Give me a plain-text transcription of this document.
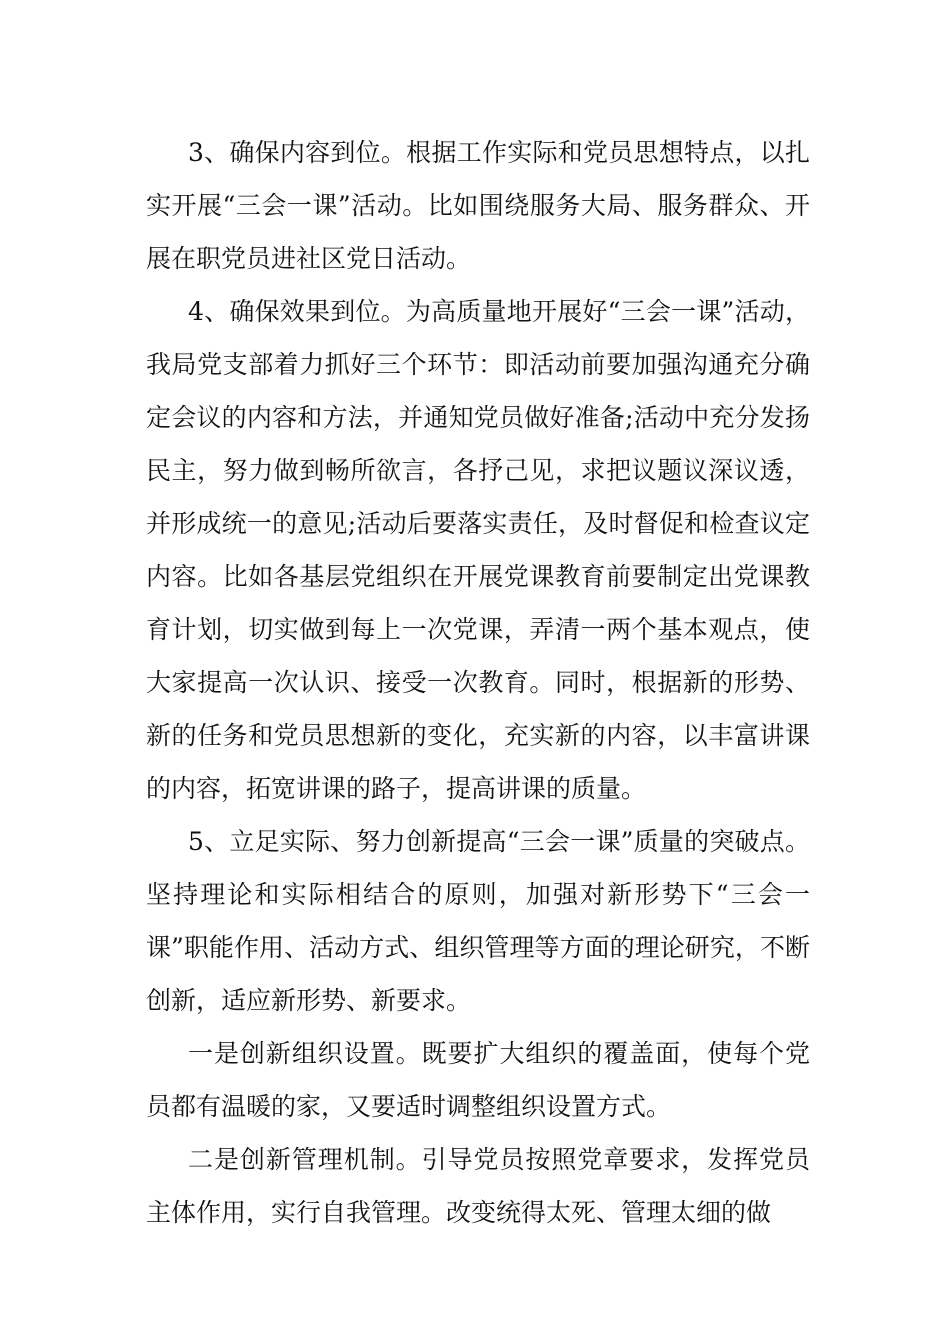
3、确保内容到位。根据工作实际和党员思想特点，以扎实开展“三会一课”活动。比如围绕服务大局、服务群众、开展在职党员进社区党日活动。

4、确保效果到位。为高质量地开展好“三会一课”活动，我局党支部着力抓好三个环节：即活动前要加强沟通充分确定会议的内容和方法，并通知党员做好准备;活动中充分发扬民主，努力做到畅所欲言，各抒己见，求把议题议深议透，并形成统一的意见;活动后要落实责任，及时督促和检查议定内容。比如各基层党组织在开展党课教育前要制定出党课教育计划，切实做到每上一次党课，弄清一两个基本观点，使大家提高一次认识、接受一次教育。同时，根据新的形势、新的任务和党员思想新的变化，充实新的内容，以丰富讲课的内容，拓宽讲课的路子，提高讲课的质量。

5、立足实际、努力创新提高“三会一课”质量的突破点。坚持理论和实际相结合的原则，加强对新形势下“三会一课”职能作用、活动方式、组织管理等方面的理论研究，不断创新，适应新形势、新要求。

一是创新组织设置。既要扩大组织的覆盖面，使每个党员都有温暖的家，又要适时调整组织设置方式。

二是创新管理机制。引导党员按照党章要求，发挥党员主体作用，实行自我管理。改变统得太死、管理太细的做
